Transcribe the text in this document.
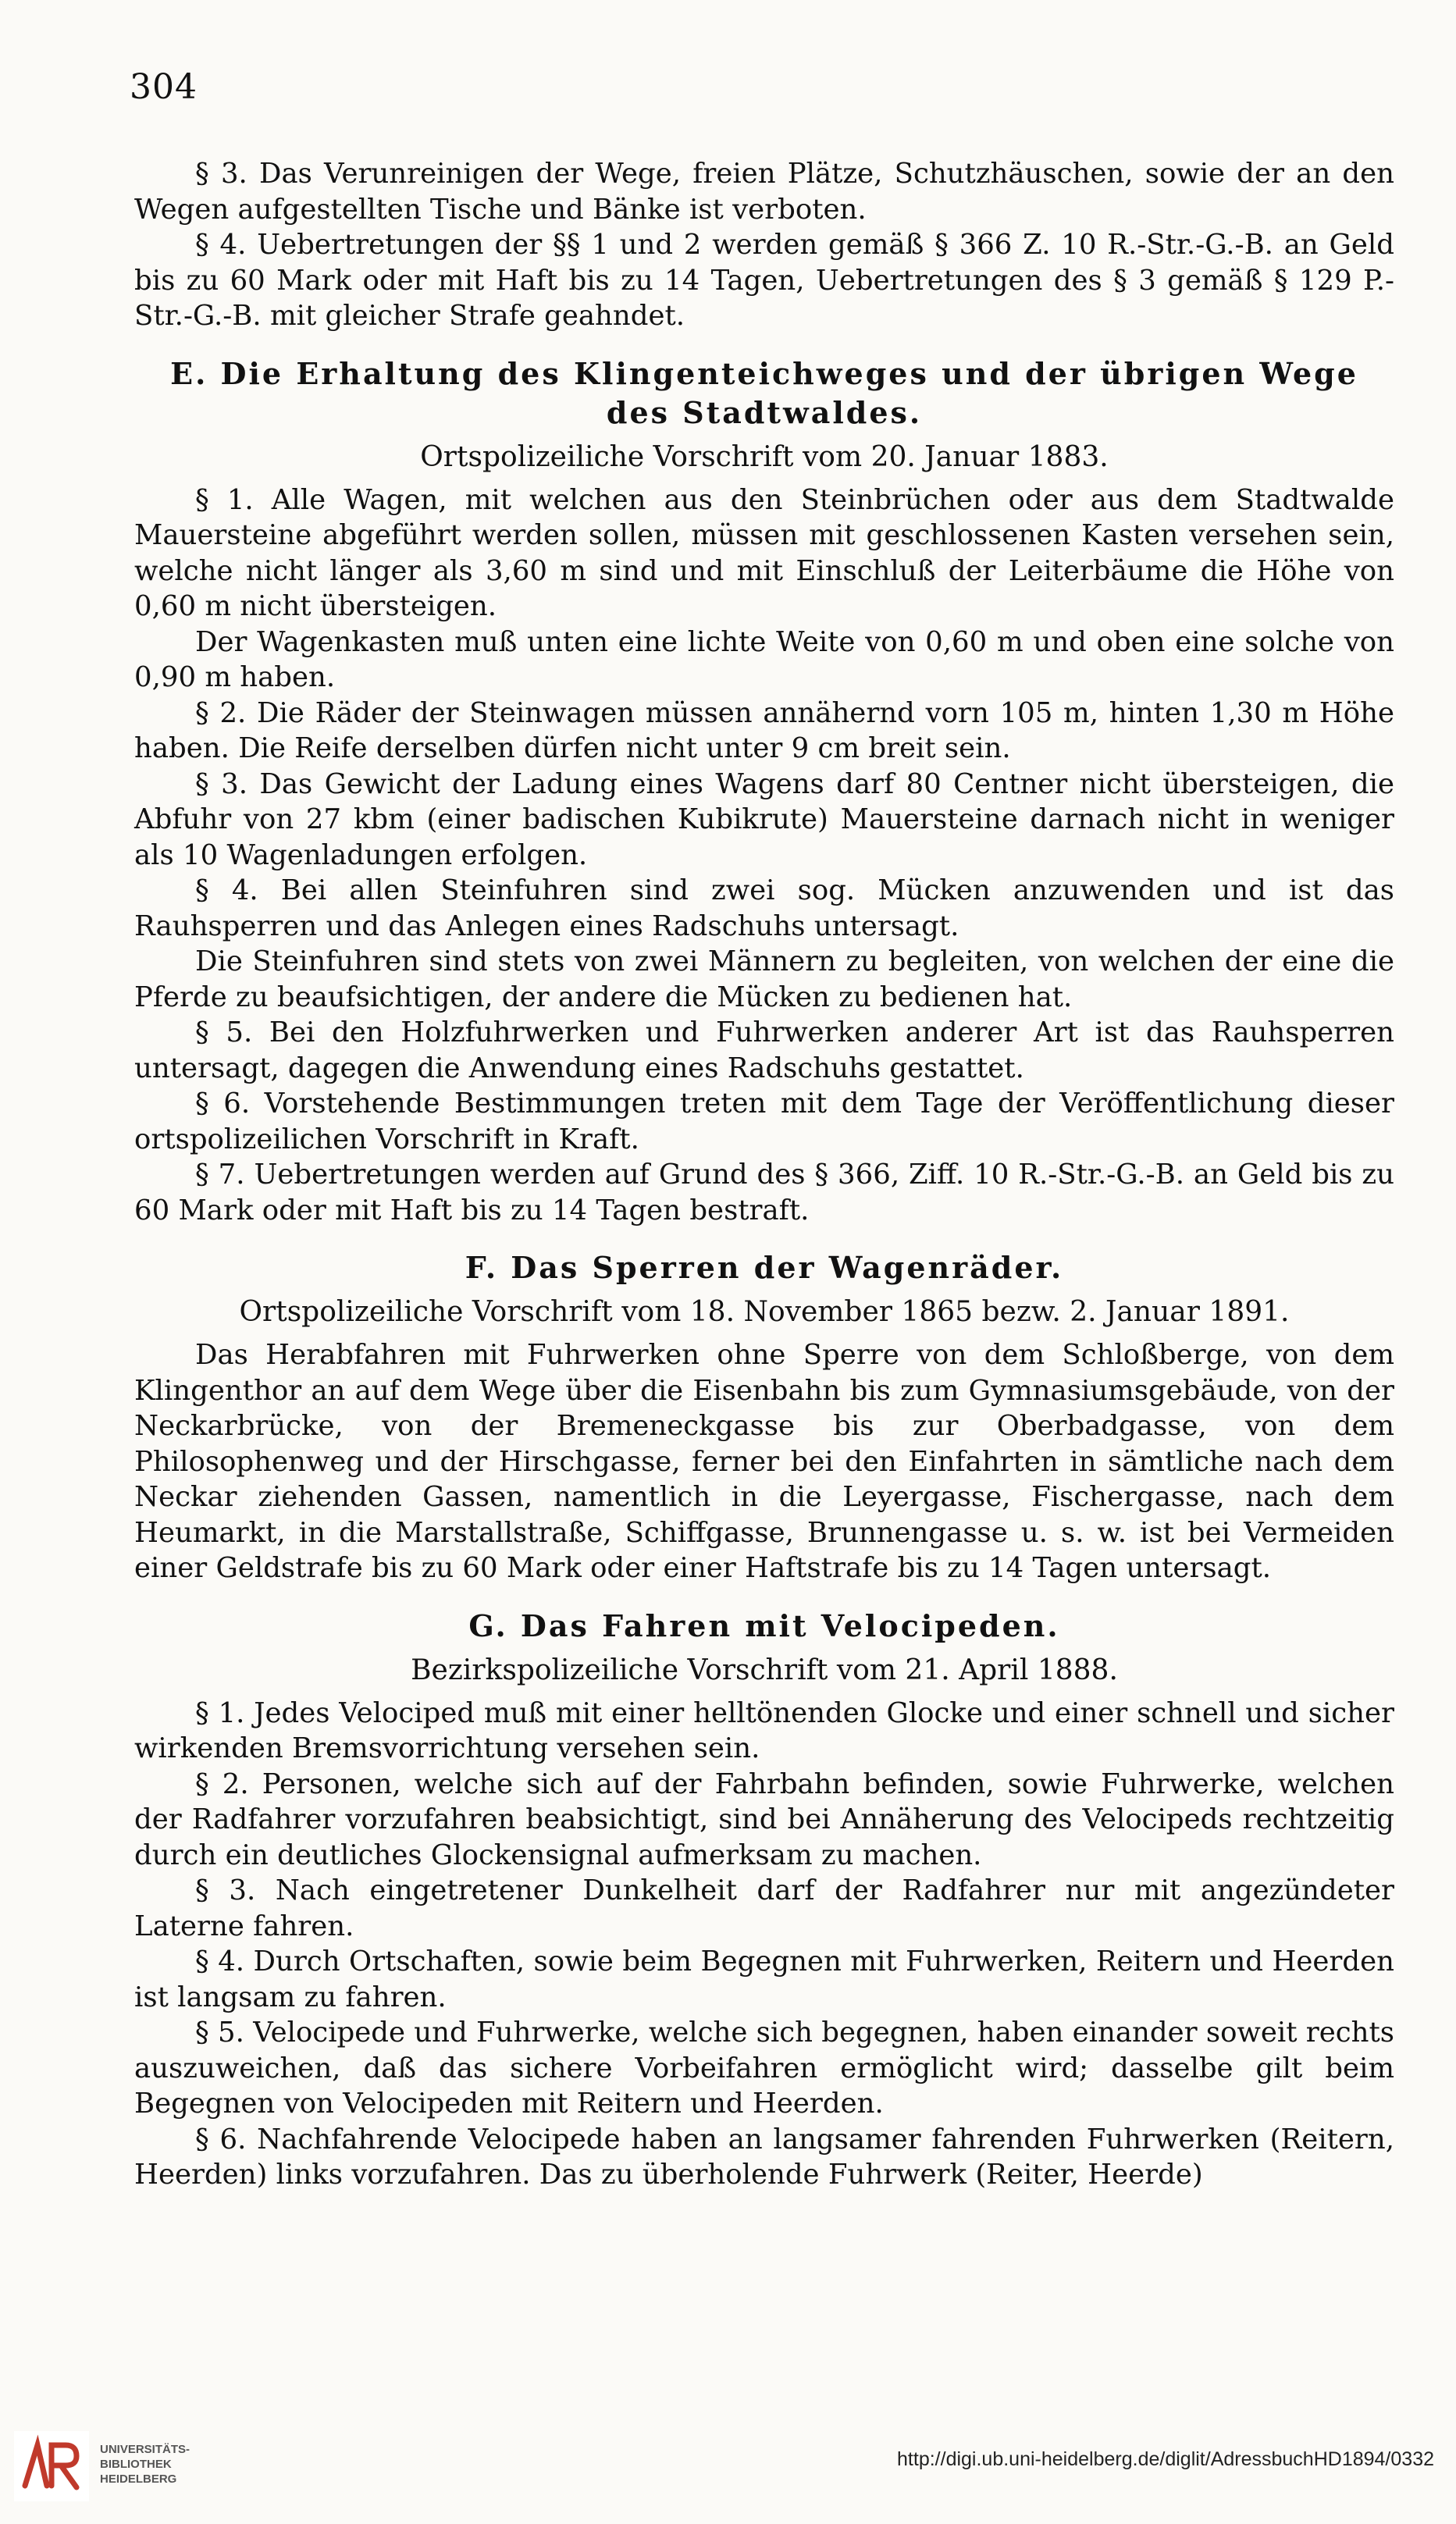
304

§ 3. Das Verunreinigen der Wege, freien Plätze, Schutzhäuschen, sowie der an den Wegen aufgestellten Tische und Bänke ist verboten.

§ 4. Uebertretungen der §§ 1 und 2 werden gemäß § 366 Z. 10 R.-Str.-G.-B. an Geld bis zu 60 Mark oder mit Haft bis zu 14 Tagen, Uebertretungen des § 3 gemäß § 129 P.-Str.-G.-B. mit gleicher Strafe geahndet.

E. Die Erhaltung des Klingenteichweges und der übrigen Wege des Stadtwaldes.
Ortspolizeiliche Vorschrift vom 20. Januar 1883.

§ 1. Alle Wagen, mit welchen aus den Steinbrüchen oder aus dem Stadtwalde Mauersteine abgeführt werden sollen, müssen mit geschlossenen Kasten versehen sein, welche nicht länger als 3,60 m sind und mit Einschluß der Leiterbäume die Höhe von 0,60 m nicht übersteigen.

Der Wagenkasten muß unten eine lichte Weite von 0,60 m und oben eine solche von 0,90 m haben.

§ 2. Die Räder der Steinwagen müssen annähernd vorn 105 m, hinten 1,30 m Höhe haben. Die Reife derselben dürfen nicht unter 9 cm breit sein.

§ 3. Das Gewicht der Ladung eines Wagens darf 80 Centner nicht übersteigen, die Abfuhr von 27 kbm (einer badischen Kubikrute) Mauersteine darnach nicht in weniger als 10 Wagenladungen erfolgen.

§ 4. Bei allen Steinfuhren sind zwei sog. Mücken anzuwenden und ist das Rauhsperren und das Anlegen eines Radschuhs untersagt.

Die Steinfuhren sind stets von zwei Männern zu begleiten, von welchen der eine die Pferde zu beaufsichtigen, der andere die Mücken zu bedienen hat.

§ 5. Bei den Holzfuhrwerken und Fuhrwerken anderer Art ist das Rauhsperren untersagt, dagegen die Anwendung eines Radschuhs gestattet.

§ 6. Vorstehende Bestimmungen treten mit dem Tage der Veröffentlichung dieser ortspolizeilichen Vorschrift in Kraft.

§ 7. Uebertretungen werden auf Grund des § 366, Ziff. 10 R.-Str.-G.-B. an Geld bis zu 60 Mark oder mit Haft bis zu 14 Tagen bestraft.

F. Das Sperren der Wagenräder.
Ortspolizeiliche Vorschrift vom 18. November 1865 bezw. 2. Januar 1891.

Das Herabfahren mit Fuhrwerken ohne Sperre von dem Schloßberge, von dem Klingenthor an auf dem Wege über die Eisenbahn bis zum Gymnasiumsgebäude, von der Neckarbrücke, von der Bremeneckgasse bis zur Oberbadgasse, von dem Philosophenweg und der Hirschgasse, ferner bei den Einfahrten in sämtliche nach dem Neckar ziehenden Gassen, namentlich in die Leyergasse, Fischergasse, nach dem Heumarkt, in die Marstallstraße, Schiffgasse, Brunnengasse u. s. w. ist bei Vermeiden einer Geldstrafe bis zu 60 Mark oder einer Haftstrafe bis zu 14 Tagen untersagt.

G. Das Fahren mit Velocipeden.
Bezirkspolizeiliche Vorschrift vom 21. April 1888.

§ 1. Jedes Velociped muß mit einer helltönenden Glocke und einer schnell und sicher wirkenden Bremsvorrichtung versehen sein.

§ 2. Personen, welche sich auf der Fahrbahn befinden, sowie Fuhrwerke, welchen der Radfahrer vorzufahren beabsichtigt, sind bei Annäherung des Velocipeds rechtzeitig durch ein deutliches Glockensignal aufmerksam zu machen.

§ 3. Nach eingetretener Dunkelheit darf der Radfahrer nur mit angezündeter Laterne fahren.

§ 4. Durch Ortschaften, sowie beim Begegnen mit Fuhrwerken, Reitern und Heerden ist langsam zu fahren.

§ 5. Velocipede und Fuhrwerke, welche sich begegnen, haben einander soweit rechts auszuweichen, daß das sichere Vorbeifahren ermöglicht wird; dasselbe gilt beim Begegnen von Velocipeden mit Reitern und Heerden.

§ 6. Nachfahrende Velocipede haben an langsamer fahrenden Fuhrwerken (Reitern, Heerden) links vorzufahren. Das zu überholende Fuhrwerk (Reiter, Heerde)

UNIVERSITÄTS-
BIBLIOTHEK
HEIDELBERG
http://digi.ub.uni-heidelberg.de/diglit/AdressbuchHD1894/0332
